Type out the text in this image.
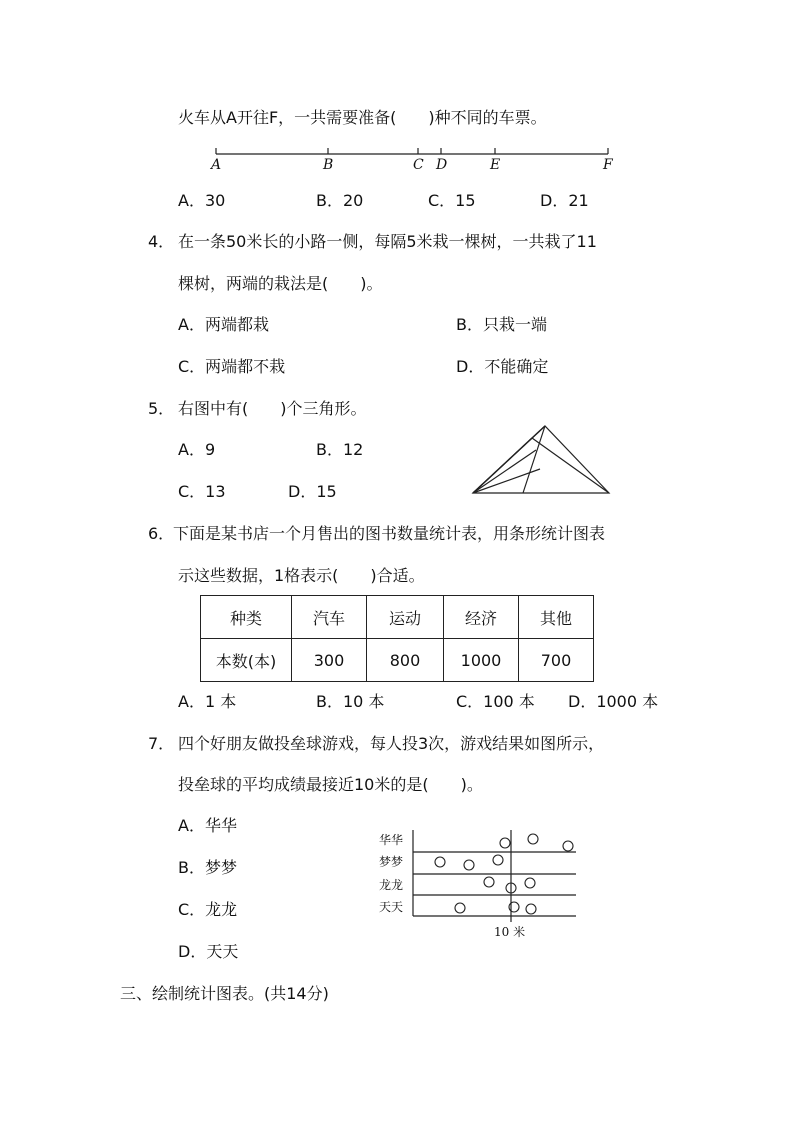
火车从A开往F，一共需要准备(　　)种不同的车票。
A	B	C D	E	F
A．30	B．20	C．15	D．21
4． 在一条50米长的小路一侧，每隔5米栽一棵树，一共栽了11
棵树，两端的栽法是(　　)。
A．两端都栽	B．只栽一端
C．两端都不栽	D．不能确定
5． 右图中有(　　)个三角形。
A．9	B．12
C．13	D．15
6．
下面是某书店一个月售出的图书数量统计表，用条形统计图表
示这些数据，1格表示(　　)合适。
种类	汽车	运动	经济	其他
本数(本)	300	800	1000	700
A．1 本	B．10 本	C．100 本 D．1000 本
7． 四个好朋友做投垒球游戏，每人投3次，游戏结果如图所示，
投垒球的平均成绩最接近10米的是(　　)。
A．华华
B．梦梦
C．龙龙
D．天天
华华
梦梦
龙龙
天天
10 米
三、绘制统计图表。(共14分)
